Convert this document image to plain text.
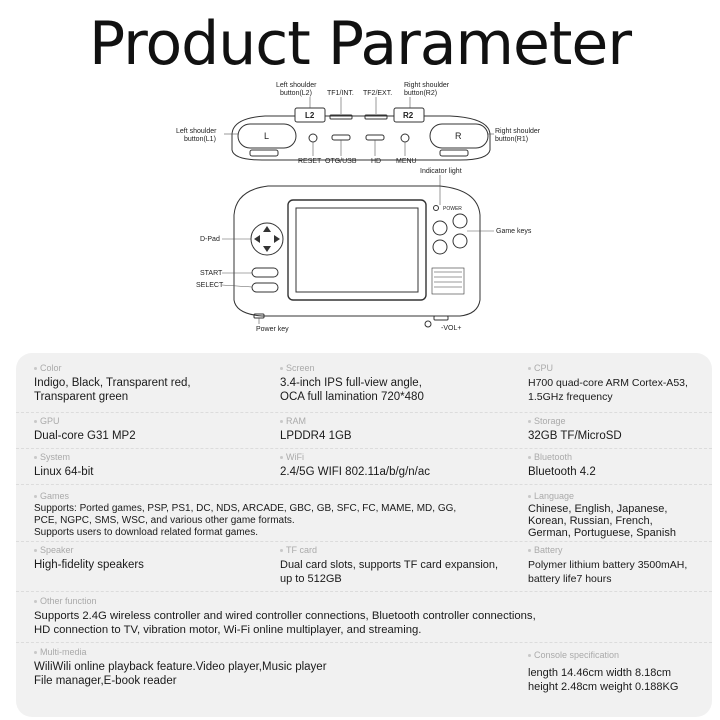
Product Parameter
L2	R2
L	R
Left shoulder
button(L2) TF1/INT. TF2/EXT.
Right shoulder
button(R2)
Left shoulder
button(L1)
Right shoulder
button(R1)
RESET OTG/USB HD MENU
Indicator light
POWER
D-Pad
Game keys
START
SELECT
Power key	-VOL+
Color
Indigo, Black, Transparent red,
Transparent green
Screen
3.4-inch IPS full-view angle,
OCA full lamination 720*480
CPU
H700 quad-core ARM Cortex-A53,
1.5GHz frequency
GPU
Dual-core G31 MP2
RAM
LPDDR4 1GB
Storage
32GB TF/MicroSD
System
Linux 64-bit
WiFi
2.4/5G WIFI 802.11a/b/g/n/ac
Bluetooth
Bluetooth 4.2
Games
Supports: Ported games, PSP, PS1, DC, NDS, ARCADE, GBC, GB, SFC, FC, MAME, MD, GG,
PCE, NGPC, SMS, WSC, and various other game formats.
Supports users to download related format games.
Language
Chinese, English, Japanese,
Korean, Russian, French,
German, Portuguese, Spanish
Speaker
High-fidelity speakers
TF card
Dual card slots, supports TF card expansion,
up to 512GB
Battery
Polymer lithium battery 3500mAH,
battery life7 hours
Other function
Supports 2.4G wireless controller and wired controller connections, Bluetooth controller connections,
HD connection to TV, vibration motor, Wi-Fi online multiplayer, and streaming.
Multi-media
WiliWili online playback feature.Video player,Music player
File manager,E-book reader
Console specification
length 14.46cm width 8.18cm
height 2.48cm weight 0.188KG
